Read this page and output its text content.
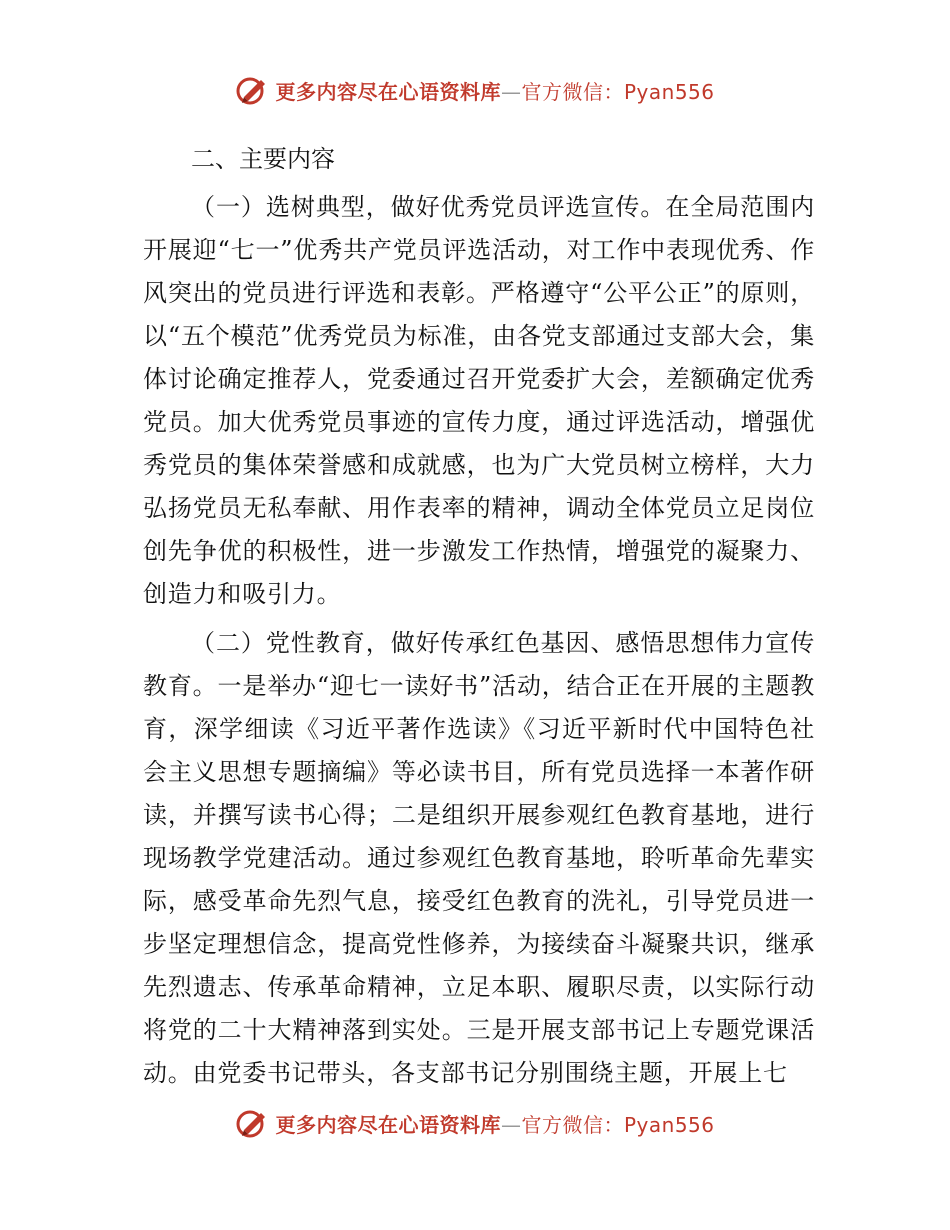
更多内容尽在心语资料库—官方微信：Pyan556

二、主要内容

（一）选树典型，做好优秀党员评选宣传。在全局范围内开展迎“七一”优秀共产党员评选活动，对工作中表现优秀、作风突出的党员进行评选和表彰。严格遵守“公平公正”的原则，以“五个模范”优秀党员为标准，由各党支部通过支部大会，集体讨论确定推荐人，党委通过召开党委扩大会，差额确定优秀党员。加大优秀党员事迹的宣传力度，通过评选活动，增强优秀党员的集体荣誉感和成就感，也为广大党员树立榜样，大力弘扬党员无私奉献、用作表率的精神，调动全体党员立足岗位创先争优的积极性，进一步激发工作热情，增强党的凝聚力、创造力和吸引力。

（二）党性教育，做好传承红色基因、感悟思想伟力宣传教育。一是举办“迎七一读好书”活动，结合正在开展的主题教育，深学细读《习近平著作选读》《习近平新时代中国特色社会主义思想专题摘编》等必读书目，所有党员选择一本著作研读，并撰写读书心得；二是组织开展参观红色教育基地，进行现场教学党建活动。通过参观红色教育基地，聆听革命先辈实际，感受革命先烈气息，接受红色教育的洗礼，引导党员进一步坚定理想信念，提高党性修养，为接续奋斗凝聚共识，继承先烈遗志、传承革命精神，立足本职、履职尽责，以实际行动将党的二十大精神落到实处。三是开展支部书记上专题党课活动。由党委书记带头，各支部书记分别围绕主题，开展上七

更多内容尽在心语资料库—官方微信：Pyan556
